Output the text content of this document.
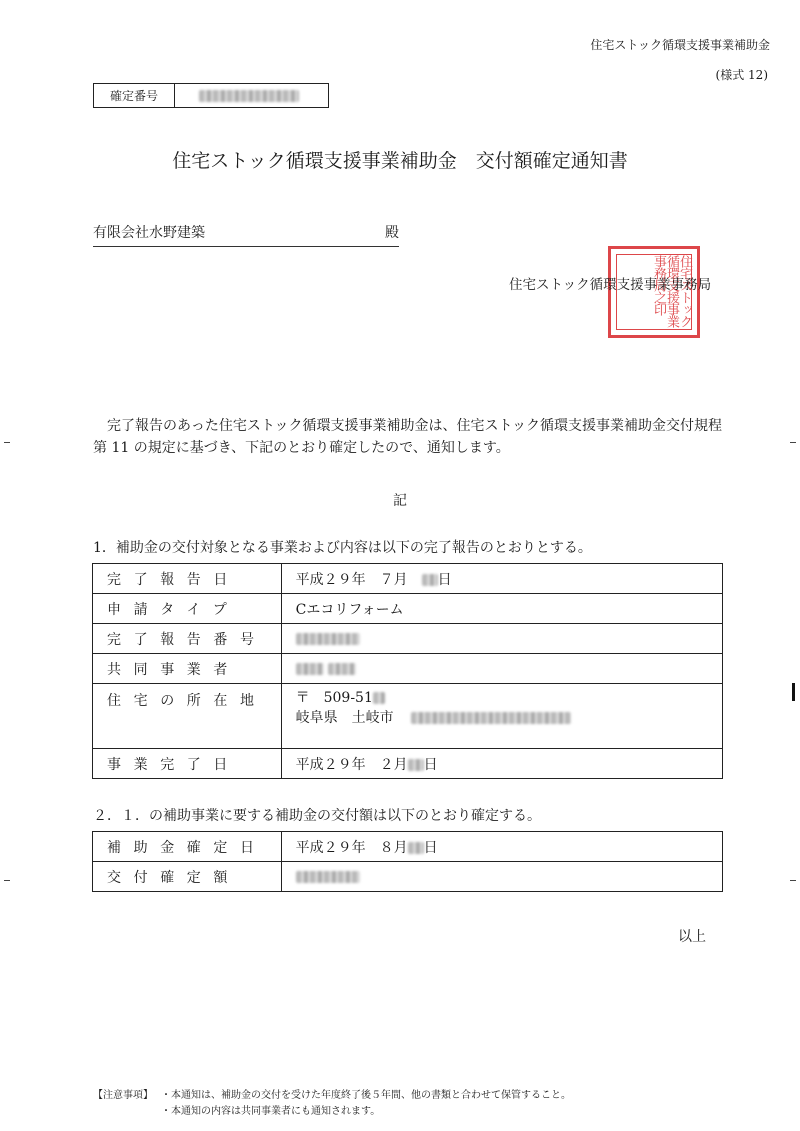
住宅ストック循環支援事業補助金
(様式 12)
確定番号
住宅ストック循環支援事業補助金　交付額確定通知書
有限会社水野建築	殿
住宅ストック循環支援事業事務局之印
住宅ストック循環支援事業事務局
完了報告のあった住宅ストック循環支援事業補助金は、住宅ストック循環支援事業補助金交付規程
第 11 の規定に基づき、下記のとおり確定したので、通知します。
記
1．補助金の交付対象となる事業および内容は以下の完了報告のとおりとする。
完了報告日	平成２９年　７月　日
申請タイプ	Cエコリフォーム
完了報告番号	
共同事業者	
住宅の所在地	〒　509-51
岐阜県　土岐市

事業完了日	平成２９年　２月 日
２．１．の補助事業に要する補助金の交付額は以下のとおり確定する。
補助金確定日	平成２９年　８月 日
交付確定額	
以上
【注意事項】 ・本通知は、補助金の交付を受けた年度終了後５年間、他の書類と合わせて保管すること。
・本通知の内容は共同事業者にも通知されます。
